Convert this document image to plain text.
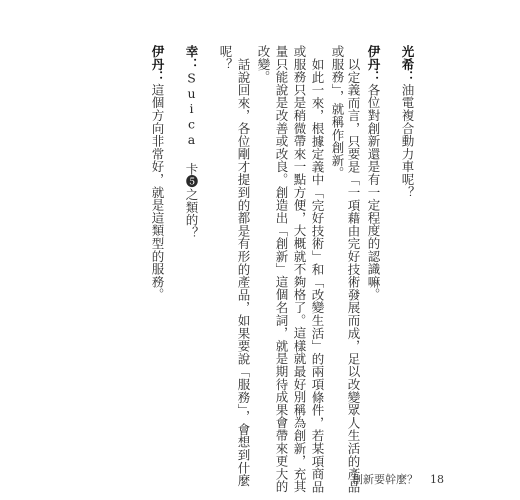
光希：油電複合動力車呢？
伊丹：各位對創新還是有一定程度的認識嘛。
以定義而言，只要是「一項藉由完好技術發展而成，足以改變眾人生活的產品
或服務」，就稱作創新。
如此一來，根據定義中「完好技術」和「改變生活」的兩項條件，若某項商品
或服務只是稍微帶來一點方便，大概就不夠格了。這樣就最好別稱為創新，充其
量只能說是改善或改良。創造出「創新」這個名詞，就是期待成果會帶來更大的
改變。
話說回來，各位剛才提到的都是有形的產品，如果要說「服務」，會想到什麼
呢？
幸：Suica 卡❺之類的？
伊丹：這個方向非常好，就是這類型的服務。
創新要幹麼？ 18
